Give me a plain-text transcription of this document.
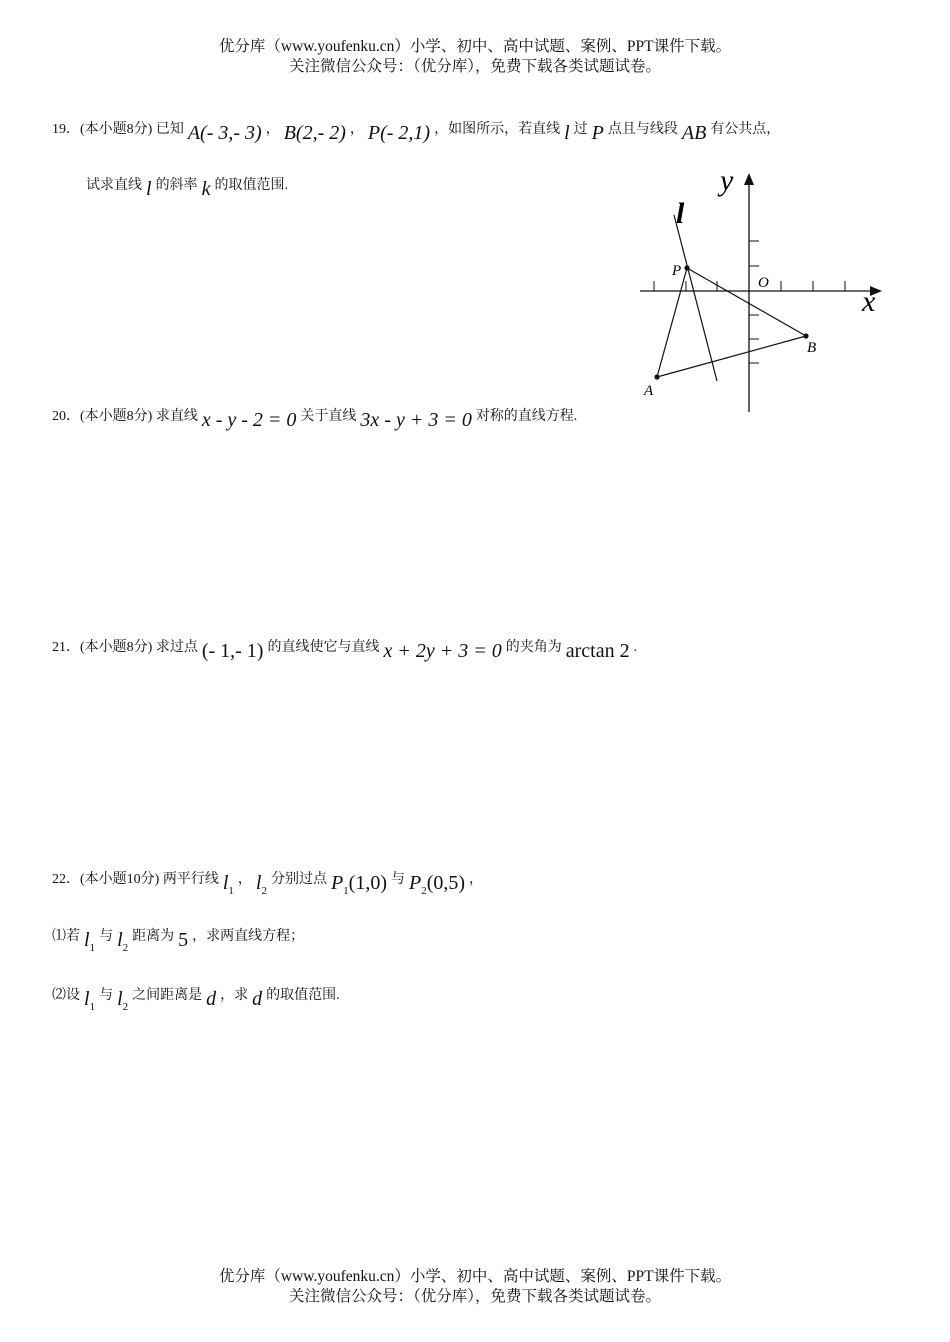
优分库（www.youfenku.cn）小学、初中、高中试题、案例、PPT课件下载。
关注微信公众号：（优分库），免费下载各类试题试卷。
19．(本小题8分) 已知 A(- 3,- 3) ， B(2,- 2) ， P(- 2,1) ，如图所示，若直线 l 过 P 点且与线段 AB 有公共点，
试求直线 l 的斜率 k 的取值范围.	y
x
l
P
O
B
A
20．(本小题8分) 求直线 x - y - 2 = 0 关于直线 3x - y + 3 = 0 对称的直线方程.
21．(本小题8分) 求过点 (- 1,- 1) 的直线使它与直线 x + 2y + 3 = 0 的夹角为 arctan 2 .
22．(本小题10分) 两平行线 $l_1$， $l_2$分别过点 $P_1(1,0)$ 与 $P_2(0,5)$ ，
⑴若 $l_1$与 $l_2$距离为 5 ，求两直线方程；
⑵设 $l_1$与 $l_2$之间距离是 d ，求 d 的取值范围.
优分库（www.youfenku.cn）小学、初中、高中试题、案例、PPT课件下载。
关注微信公众号：（优分库），免费下载各类试题试卷。
